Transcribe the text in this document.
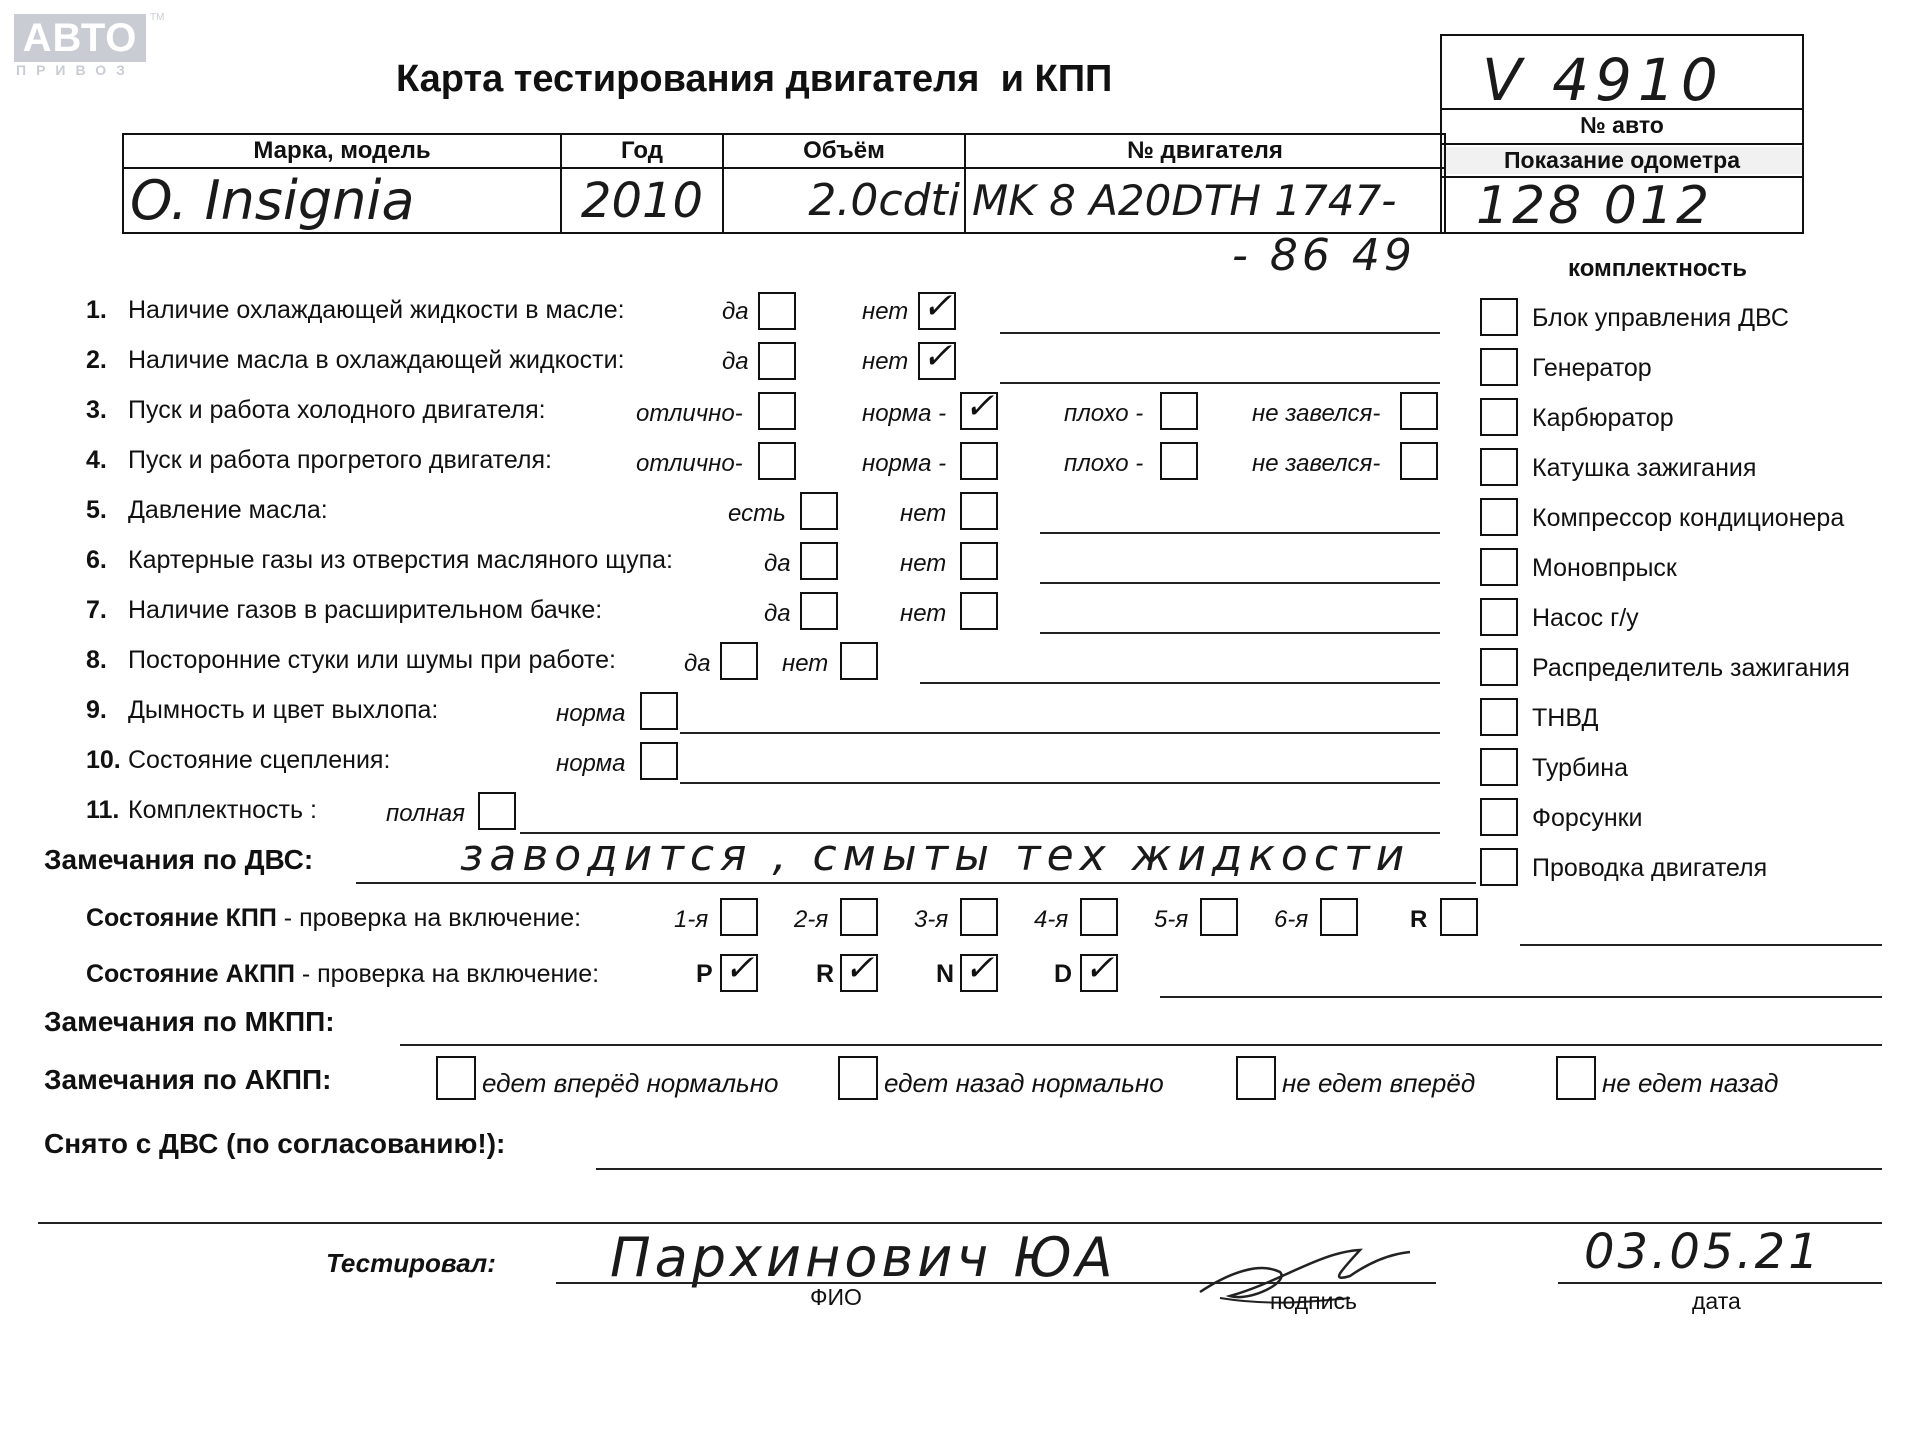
АВТО
ПРИВОЗ
TM
Карта тестирования двигателя  и КПП	V 4910
№ авто
Показание одометра
128 012
Марка, модель	Год	Объём	№ двигателя
O. Insignia	2010	2.0cdti	MK 8 A20DTH 1747-
- 86 49	комплектность
1. Наличие охлаждающей жидкости в масле:	да	нет ✓
2. Наличие масла в охлаждающей жидкости:	да	нет ✓
3. Пуск и работа холодного двигателя:	отлично-	норма - ✓	плохо -	не завелся-
4. Пуск и работа прогретого двигателя:	отлично-	норма -	плохо -	не завелся-
5. Давление масла:	есть	нет
6. Картерные газы из отверстия масляного щупа:	да	нет
7. Наличие газов в расширительном бачке:	да	нет
8. Посторонние стуки или шумы при работе:	да	нет
9. Дымность и цвет выхлопа:	норма
10. Состояние сцепления:	норма
11. Комплектность :	полная
Блок управления ДВС
Генератор
Карбюратор
Катушка зажигания
Компрессор кондиционера
Моновпрыск
Насос г/у
Распределитель зажигания
ТНВД
Турбина
Форсунки
Проводка двигателя
Замечания по ДВС:	заводится , смыты тех жидкости
Состояние КПП - проверка на включение:	1-я	2-я	3-я	4-я	5-я	6-я	R
Состояние АКПП - проверка на включение:	P ✓ R ✓ N ✓ D ✓
Замечания по МКПП:
Замечания по АКПП:	едет вперёд нормально	едет назад нормально	не едет вперёд	не едет назад
Снято с ДВС (по согласованию!):
Тестировал: Пархинович ЮА
ФИО	подпись
03.05.21
дата
